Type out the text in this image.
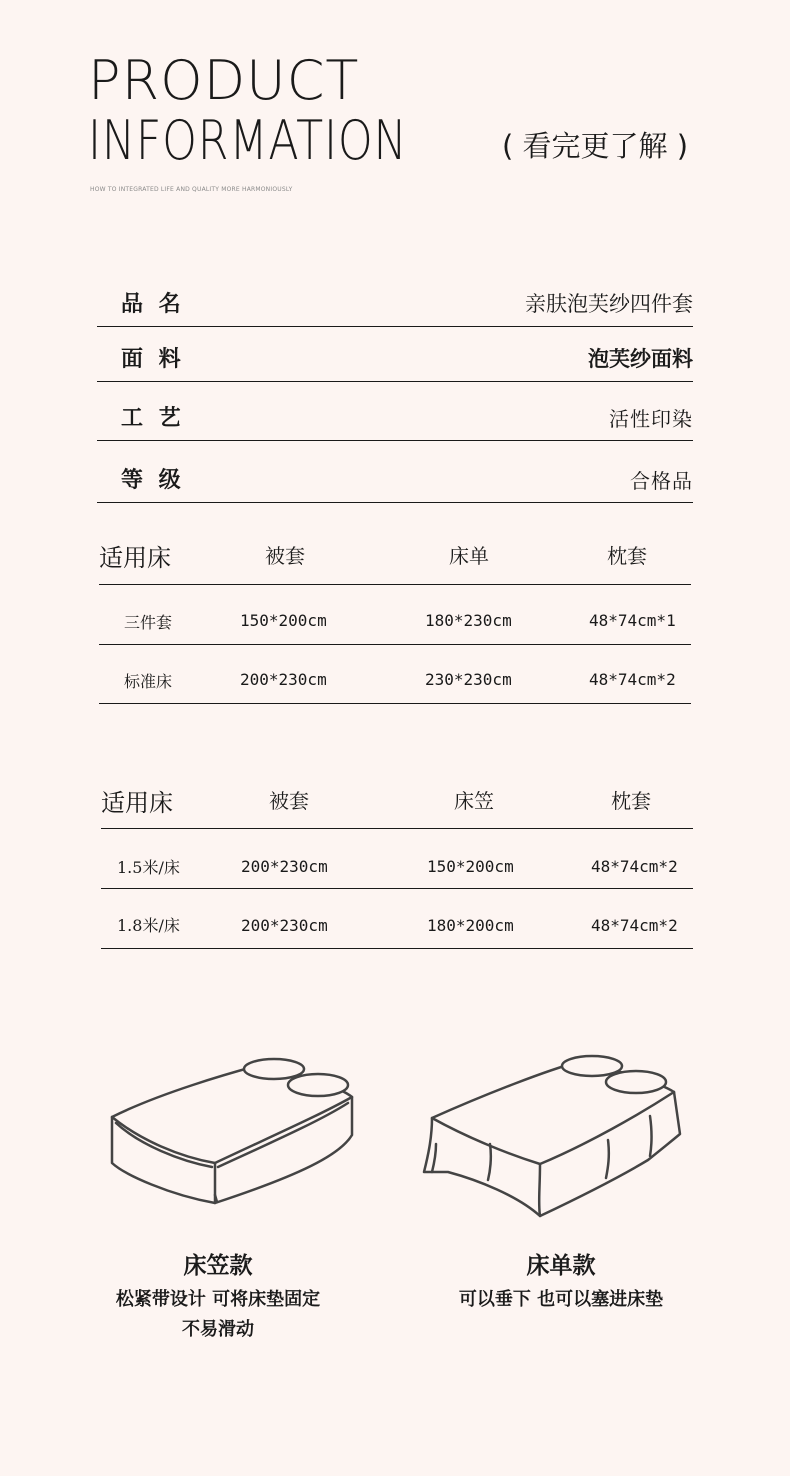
PRODUCT
INFORMATION
HOW TO INTEGRATED LIFE AND QUALITY MORE HARMONIOUSLY
( 看完更了解 )
品 名	亲肤泡芙纱四件套
面 料	泡芙纱面料
工 艺	活性印染
等 级	合格品
适用床	被套	床单	枕套
三件套	150*200cm	180*230cm	48*74cm*1
标准床	200*230cm	230*230cm	48*74cm*2
适用床	被套	床笠	枕套
1.5米/床	200*230cm	150*200cm	48*74cm*2
1.8米/床	200*230cm	180*200cm	48*74cm*2
床笠款
松紧带设计 可将床垫固定
不易滑动
床单款
可以垂下 也可以塞进床垫
